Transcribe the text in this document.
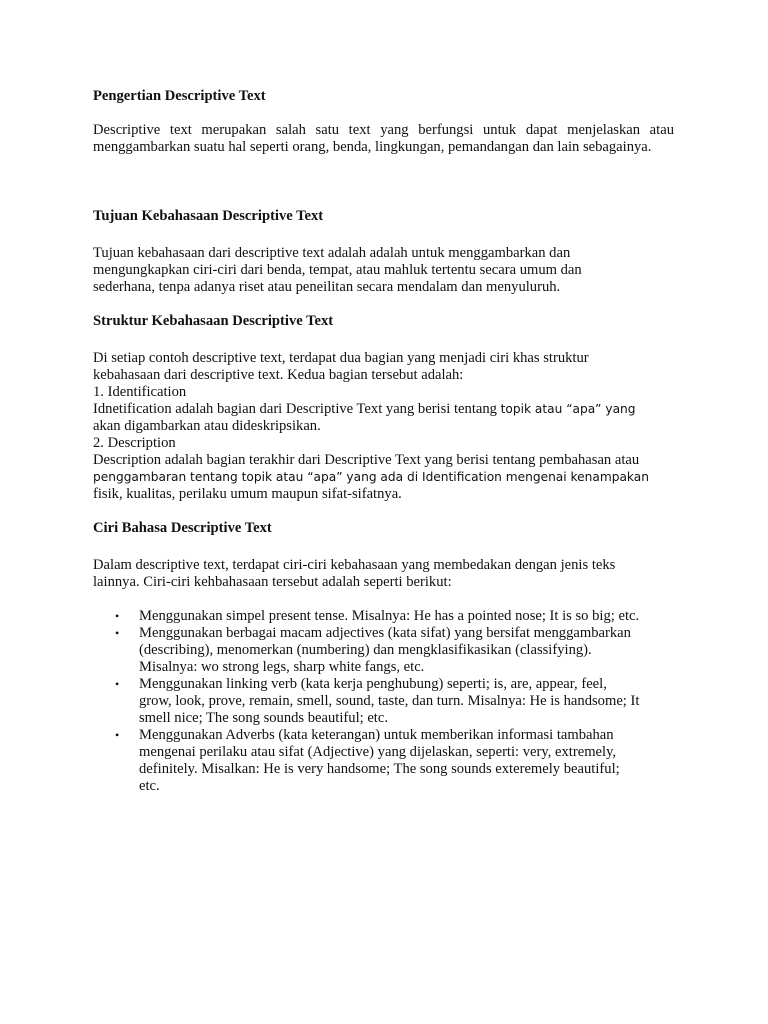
Pengertian Descriptive Text

Descriptive text merupakan salah satu text yang berfungsi untuk dapat menjelaskan atau menggambarkan suatu hal seperti orang, benda, lingkungan, pemandangan dan lain sebagainya.

Tujuan Kebahasaan Descriptive Text

Tujuan kebahasaan dari descriptive text adalah adalah untuk menggambarkan dan

mengungkapkan ciri-ciri dari benda, tempat, atau mahluk tertentu secara umum dan

sederhana, tenpa adanya riset atau peneilitan secara mendalam dan menyuluruh.

Struktur Kebahasaan Descriptive Text

Di setiap contoh descriptive text, terdapat dua bagian yang menjadi ciri khas struktur

kebahasaan dari descriptive text. Kedua bagian tersebut adalah:

1. Identification

Idnetification adalah bagian dari Descriptive Text yang berisi tentang topik atau “apa” yang

akan digambarkan atau dideskripsikan.

2. Description

Description adalah bagian terakhir dari Descriptive Text yang berisi tentang pembahasan atau

penggambaran tentang topik atau “apa” yang ada di Identification mengenai kenampakan

fisik, kualitas, perilaku umum maupun sifat-sifatnya.

Ciri Bahasa Descriptive Text

Dalam descriptive text, terdapat ciri-ciri kebahasaan yang membedakan dengan jenis teks

lainnya. Ciri-ciri kehbahasaan tersebut adalah seperti berikut:

• Menggunakan simpel present tense. Misalnya: He has a pointed nose; It is so big; etc.
• Menggunakan berbagai macam adjectives (kata sifat) yang bersifat menggambarkan
(describing), menomerkan (numbering) dan mengklasifikasikan (classifying).
Misalnya: wo strong legs, sharp white fangs, etc.
• Menggunakan linking verb (kata kerja penghubung) seperti; is, are, appear, feel,
grow, look, prove, remain, smell, sound, taste, dan turn. Misalnya: He is handsome; It
smell nice; The song sounds beautiful; etc.
• Menggunakan Adverbs (kata keterangan) untuk memberikan informasi tambahan
mengenai perilaku atau sifat (Adjective) yang dijelaskan, seperti: very, extremely,
definitely. Misalkan: He is very handsome; The song sounds exteremely beautiful;
etc.
